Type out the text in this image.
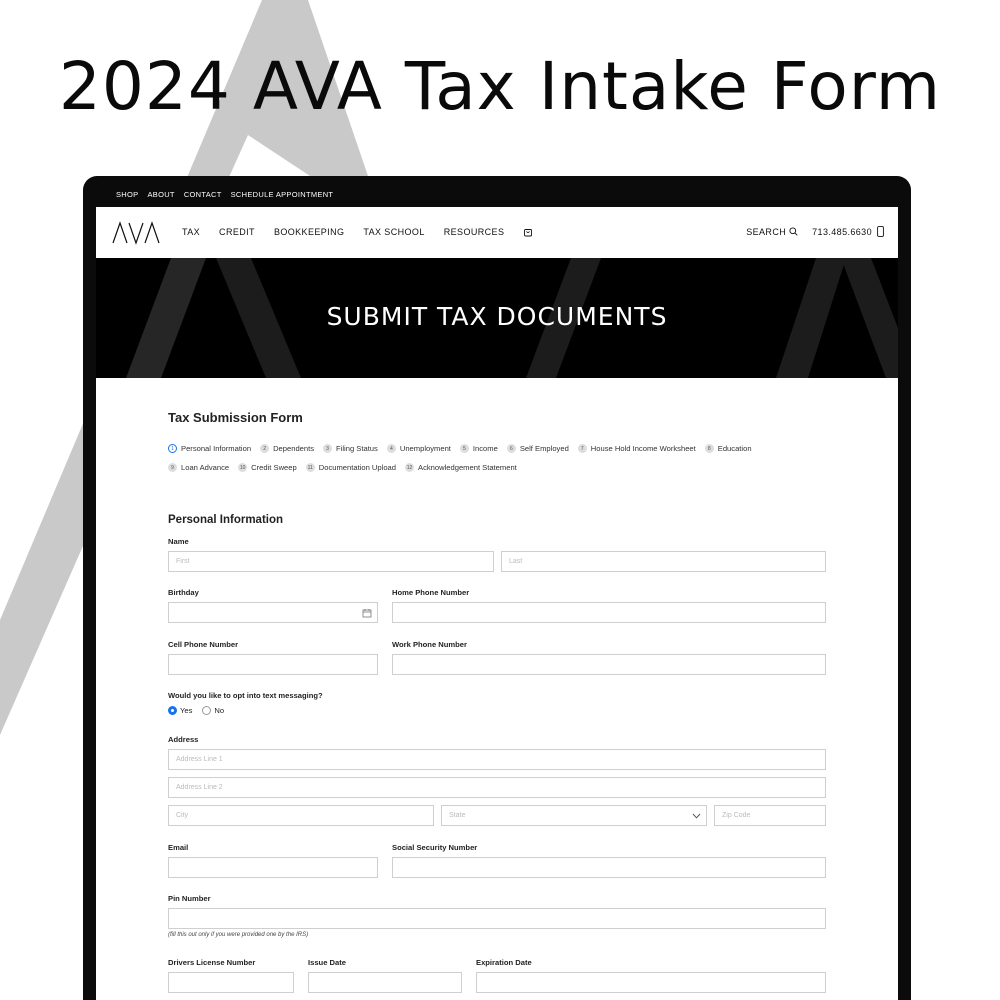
2024 AVA Tax Intake Form
SHOP ABOUT CONTACT SCHEDULE APPOINTMENT
TAX CREDIT BOOKKEEPING TAX SCHOOL RESOURCES	SEARCH	713.485.6630
SUBMIT TAX DOCUMENTS
Tax Submission Form
1 Personal Information	2 Dependents	3 Filing Status	4 Unemployment	5 Income	6 Self Employed	7 House Hold Income Worksheet	8 Education
9 Loan Advance	10 Credit Sweep	11 Documentation Upload	12 Acknowledgement Statement
Personal Information
Name
First	Last
Birthday	Home Phone Number
Cell Phone Number	Work Phone Number
Would you like to opt into text messaging?
Yes	No
Address
Address Line 1
Address Line 2
City	State	Zip Code
Email	Social Security Number
Pin Number
(fill this out only if you were provided one by the IRS)
Drivers License Number	Issue Date	Expiration Date
